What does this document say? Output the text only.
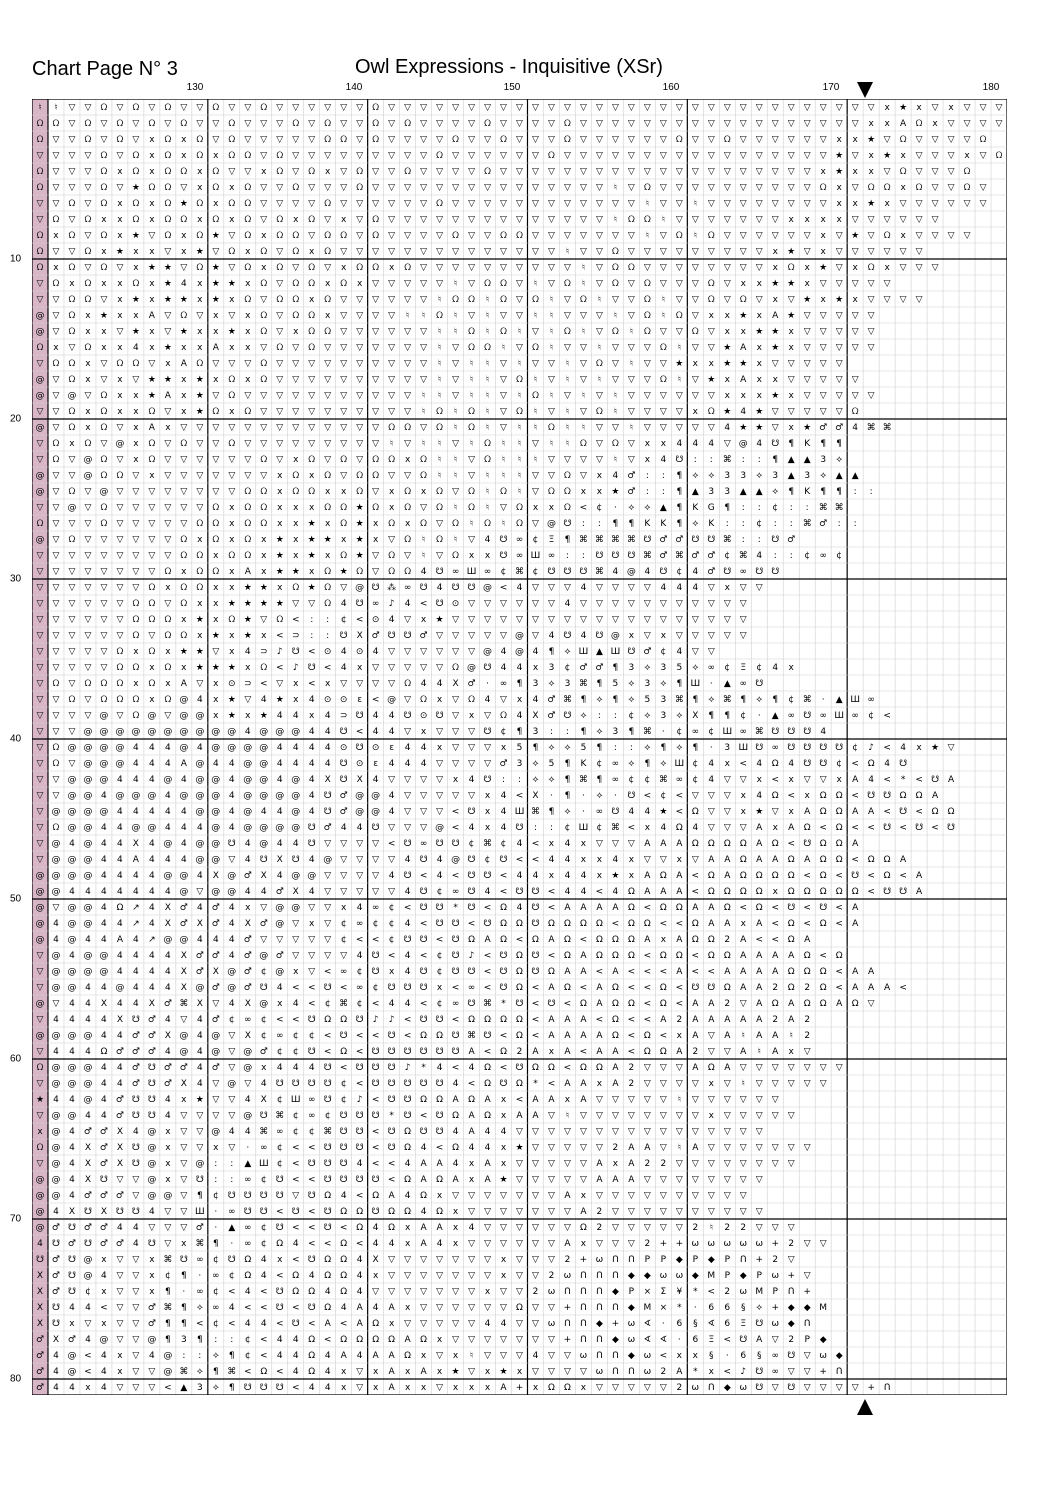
Chart Page N° 3	Owl Expressions - Inquisitive (XSr)
130	140	150	160	170	180
10
20
30
40
50
60
70
80
♮ ♮ ▽ ▽ ᘯ ▽ ᘯ ▽ ᘯ ▽ ▽ ᘯ ▽ ▽ ᘯ ▽ ▽ ▽ ▽ ▽ ▽ ᘯ ▽ ▽ ▽ ▽ ▽ ▽ ▽ ▽ ▽ ▽ ▽ ▽ ▽ ▽ ▽ ▽ ▽ ▽ ▽ ▽ ▽ ▽ ▽ ▽ ▽ ▽ ▽ ▽ ▽ ▽ ▽ x ★ x ▽ x ▽ ▽ ▽
ᘯ ᘯ ▽ ᘯ ▽ ᘯ ▽ ᘯ ▽ ᘯ ▽ ▽ ᘯ ▽ ▽ ▽ ᘯ ▽ ᘯ ▽ ▽ ᘯ ▽ ᘯ ▽ ▽ ▽ ▽ ᘯ ▽ ▽ ▽ ▽ ᘯ ▽ ▽ ▽ ▽ ▽ ▽ ▽ ▽ ▽ ▽ ▽ ▽ ▽ ▽ ▽ ▽ ▽ ▽ x x A ᘯ x ▽ ▽ ▽ ▽
ᘯ ▽ ▽ ᘯ ▽ ᘯ ▽ x ᘯ x ᘯ ▽ ᘯ ▽ ▽ ▽ ▽ ▽ ᘯ ᘯ ▽ ᘯ ▽ ▽ ▽ ▽ ᘯ ▽ ▽ ᘯ ▽ ▽ ▽ ᘯ ▽ ▽ ▽ ▽ ▽ ▽ ᘯ ▽ ▽ ᘯ ▽ ▽ ▽ ▽ ▽ ▽ x x ★ ▽ ᘯ ▽ ▽ ▽ ▽ ᘯ
▽ ▽ ▽ ▽ ᘯ ▽ ᘯ x ᘯ x ᘯ x ᘯ ᘯ ▽ ᘯ ▽ ▽ ▽ ▽ ▽ ▽ ▽ ▽ ▽ ᘯ ▽ ▽ ▽ ▽ ▽ ▽ ᘯ ▽ ▽ ▽ ▽ ▽ ▽ ▽ ▽ ▽ ▽ ▽ ▽ ▽ ▽ ▽ ▽ ▽ ★ ▽ x ★ x ▽ ▽ ▽ x ▽ ᘯ
ᘯ ▽ ▽ ▽ ᘯ x ᘯ x ᘯ ᘯ x ᘯ ▽ ▽ x ᘯ ▽ ᘯ x ▽ ᘯ ▽ ▽ ᘯ ▽ ▽ ▽ ▽ ᘯ ▽ ▽ ▽ ▽ ▽ ▽ ▽ ▽ ▽ ▽ ▽ ▽ ▽ ▽ ▽ ▽ ▽ ▽ ▽ ▽ x ★ x x ▽ ᘯ ▽ ▽ ▽ ᘯ
ᘯ ▽ ▽ ▽ ᘯ ▽ ★ ᘯ ᘯ ▽ x ᘯ x ᘯ ▽ ▽ ᘯ ▽ ▽ ▽ ᘯ ▽ ▽ ▽ ▽ ▽ ▽ ▽ ▽ ▽ ▽ ▽ ▽ ▽ ▽ ▽ ♮ ▽ ᘯ ▽ ▽ ▽ ▽ ▽ ▽ ▽ ▽ ▽ ▽ ᘯ x ▽ ᘯ ᘯ x ᘯ ▽ ▽ ᘯ ▽
▽ ▽ ᘯ ▽ ᘯ x ᘯ x ᘯ ★ ᘯ x ᘯ ᘯ ▽ ▽ ▽ ▽ ᘯ ▽ ▽ ▽ ▽ ▽ ▽ ᘯ ▽ ▽ ▽ ▽ ▽ ▽ ▽ ▽ ▽ ▽ ▽ ▽ ♮ ▽ ▽ ♮ ▽ ▽ ▽ ▽ ▽ ▽ ▽ ▽ x x ★ x ▽ ▽ ▽ ▽ ▽ ▽
▽ ᘯ ▽ ᘯ x x ᘯ x ᘯ ᘯ x ᘯ x ᘯ ▽ ᘯ x ᘯ ▽ x ▽ ᘯ ▽ ▽ ▽ ▽ ▽ ▽ ▽ ▽ ▽ ▽ ▽ ▽ ▽ ▽ ♮ ᘯ ᘯ ♮ ▽ ▽ ▽ ▽ ▽ ▽ ▽ x x x x ▽ ▽ ▽ ▽ ▽ ▽
ᘯ x ᘯ ▽ ᘯ x ★ ▽ ᘯ x ᘯ ★ ▽ ᘯ x ᘯ ᘯ ▽ ᘯ ᘯ ▽ ᘯ ▽ ▽ ▽ ▽ ᘯ ▽ ▽ ᘯ ᘯ ▽ ▽ ▽ ▽ ▽ ▽ ▽ ♮ ▽ ᘯ ♮ ᘯ ▽ ▽ ▽ ▽ ▽ ▽ x ▽ ★ ▽ ᘯ x ▽ ▽ ▽ ▽
ᘯ ▽ ▽ ᘯ x ★ x x ▽ x ★ ▽ ᘯ x ᘯ ▽ ᘯ x ᘯ ▽ ▽ ▽ ▽ ▽ ▽ ▽ ▽ ▽ ▽ ▽ ▽ ▽ ▽ ♮ ▽ ▽ ᘯ ▽ ▽ ▽ ▽ ▽ ▽ ▽ ▽ ▽ x ★ ▽ x ▽ ▽ ▽ ▽ ▽ ▽
ᘯ x ᘯ ▽ ᘯ ▽ x ★ ★ ▽ ᘯ ★ ▽ ᘯ x ᘯ ▽ ᘯ ▽ x ᘯ ᘯ x ᘯ ▽ ▽ ▽ ▽ ▽ ▽ ▽ ▽ ▽ ▽ ♮ ▽ ᘯ ᘯ ▽ ▽ ▽ ▽ ▽ ▽ ▽ ▽ x ᘯ x ★ ▽ x ᘯ x ▽ ▽ ▽
▽ ᘯ x ᘯ x x ᘯ x ★ 4 x ★ ★ x ᘯ ▽ ᘯ ᘯ x ᘯ x ▽ ▽ ▽ ▽ ▽ ♮ ▽ ᘯ ᘯ ▽ ♮ ▽ ᘯ ♮ ▽ ᘯ ▽ ᘯ ▽ ▽ ▽ ᘯ ▽ x x ★ ★ x ▽ ▽ ▽ ▽ ▽
▽ ▽ ᘯ ᘯ ▽ x ★ x ★ ★ x ★ x ᘯ ▽ ᘯ ᘯ x ᘯ ▽ ▽ ▽ ▽ ▽ ▽ ♮ ᘯ ᘯ ♮ ᘯ ▽ ᘯ ♮ ▽ ᘯ ♮ ▽ ▽ ᘯ ♮ ▽ ▽ ᘯ ▽ ᘯ ▽ x ▽ ★ x ★ x ▽ ▽ ▽ ▽
@ ▽ ᘯ x ★ x x A ▽ ᘯ ▽ x ▽ x ᘯ ▽ ᘯ ᘯ x ▽ ▽ ▽ ▽ ♮ ♮ ᘯ ♮ ▽ ♮ ▽ ▽ ♮ ♮ ▽ ▽ ▽ ♮ ▽ ᘯ ♮ ᘯ ▽ x x ★ x A ★ ▽ ▽ ▽ ▽ ▽
@ ▽ ᘯ x x ▽ ★ x ▽ ★ x x ★ x ᘯ ▽ x ᘯ ᘯ ▽ ▽ ▽ ▽ ▽ ▽ ♮ ♮ ᘯ ♮ ᘯ ♮ ▽ ♮ ᘯ ♮ ▽ ᘯ ♮ ᘯ ▽ ▽ ᘯ ▽ x x ★ ★ x ▽ ▽ ▽ ▽ ▽
ᘯ x ▽ ᘯ x x 4 x ★ x x A x x ▽ ᘯ ▽ ᘯ ▽ ▽ ▽ ▽ ▽ ▽ ▽ ♮ ▽ ᘯ ᘯ ♮ ▽ ᘯ ♮ ▽ ▽ ♮ ▽ ▽ ▽ ᘯ ♮ ▽ ▽ ★ A x ★ x ▽ ▽ ▽ ▽ ▽
▽ ᘯ ᘯ x ▽ ᘯ ᘯ ▽ x A ᘯ ▽ ▽ ▽ ᘯ ▽ ▽ ▽ ▽ ▽ ▽ ▽ ▽ ▽ ▽ ♮ ▽ ♮ ♮ ▽ ♮ ▽ ▽ ♮ ▽ ᘯ ▽ ♮ ▽ ▽ ★ x x ★ ★ x ▽ ▽ ▽ ▽ ▽
@ ▽ ᘯ x ▽ x ▽ ★ ★ x ★ x ᘯ x ᘯ ▽ ▽ ▽ ▽ ▽ ▽ ▽ ▽ ▽ ▽ ♮ ▽ ♮ ♮ ▽ ᘯ ♮ ▽ ♮ ▽ ♮ ▽ ▽ ▽ ᘯ ♮ ▽ ★ x A x x ▽ ▽ ▽ ▽ ▽
@ ▽ @ ▽ ᘯ x x ★ A x ★ ▽ ᘯ ▽ ▽ ▽ ▽ ▽ ▽ ▽ ▽ ▽ ▽ ▽ ♮ ♮ ▽ ♮ ♮ ▽ ♮ ᘯ ♮ ▽ ♮ ▽ ♮ ▽ ▽ ▽ ▽ ▽ ▽ x x x ★ x ▽ ▽ ▽ ▽ ▽
▽ ▽ ᘯ x ᘯ x x ᘯ ▽ x ★ ᘯ x ᘯ ▽ ▽ ▽ ▽ ▽ ▽ ▽ ▽ ▽ ▽ ♮ ᘯ ♮ ᘯ ♮ ▽ ᘯ ♮ ▽ ♮ ▽ ᘯ ♮ ▽ ▽ ▽ ▽ x ᘯ ★ 4 ★ ▽ ▽ ▽ ▽ ▽ ᘯ
@ ▽ ᘯ x ᘯ ▽ x A x ▽ ▽ ▽ ▽ ▽ ▽ ▽ ▽ ▽ ▽ ▽ ▽ ▽ ᘯ ᘯ ▽ ᘯ ♮ ᘯ ♮ ▽ ♮ ♮ ᘯ ♮ ♮ ▽ ▽ ♮ ▽ ▽ ▽ ▽ ▽ 4 ★ ★ ▽ x ★ ♂ ♂ 4 ⌘ ⌘
▽ ᘯ x ᘯ ▽ @ x ᘯ ▽ ᘯ ▽ ▽ ᘯ ▽ ▽ ▽ ▽ ▽ ▽ ▽ ▽ ▽ ♮ ▽ ♮ ♮ ▽ ♮ ᘯ ♮ ♮ ▽ ♮ ♮ ᘯ ▽ ᘯ ▽ x x 4 4 4 ▽ @ 4 ☋ ¶ K ¶ ¶
▽ ᘯ ▽ @ ᘯ ▽ x ᘯ ▽ ▽ ▽ ▽ ▽ ▽ ᘯ ▽ x ᘯ ▽ ᘯ ▽ ᘯ ᘯ x ᘯ ♮ ♮ ▽ ᘯ ♮ ♮ ♮ ▽ ▽ ▽ ▽ ♮ ▽ x 4 ☋ : : ⌘ : : ¶ ▲ ▲ 3 ⟡
@ ▽ ▽ @ ᘯ ᘯ ▽ x ▽ ▽ ▽ ▽ ▽ ▽ ▽ x ᘯ x ᘯ ▽ ᘯ ᘯ ▽ ▽ ᘯ ♮ ♮ ▽ ♮ ♮ ♮ ▽ ▽ ᘯ ▽ x 4 ♂ : : ¶ ⟡ ⟡ 3 3 ⟡ 3 ▲ 3 ⟡ ▲ ▲
@ ▽ ᘯ ▽ @ ▽ ▽ ▽ ▽ ▽ ▽ ▽ ▽ ᘯ ᘯ x ᘯ ᘯ x x ᘯ ▽ x ᘯ x ᘯ ▽ ᘯ ♮ ᘯ ♮ ▽ ᘯ ᘯ x x ★ ♂ : : ¶ ▲ 3 3 ▲ ▲ ⟡ ¶ K ¶ ¶ : :
▽ ▽ @ ▽ ᘯ ▽ ▽ ▽ ▽ ▽ ▽ ᘯ x ᘯ ᘯ x x x ᘯ ᘯ ★ ᘯ x ᘯ ▽ ᘯ ♮ ᘯ ♮ ▽ ᘯ x x ᘯ < ¢ · ⟡ ⟡ ▲ ¶ K G ¶ : : ¢ : : ⌘ ⌘
ᘯ ▽ ▽ ▽ ᘯ ▽ ▽ ▽ ▽ ▽ ᘯ ᘯ x ᘯ ᘯ x x ★ x ᘯ ★ x ᘯ x ᘯ ▽ ᘯ ♮ ᘯ ♮ ᘯ ▽ @ ☋ : : ¶ ¶ K K ¶ ⟡ K : : ¢ : : ⌘ ♂ : :
@ ▽ ᘯ ▽ ▽ ▽ ▽ ▽ ▽ ᘯ x ᘯ x ᘯ x ★ x ★ ★ x ★ x ▽ ᘯ ♮ ᘯ ♮ ▽ 4 ☋ ∞ ¢ Ξ ¶ ⌘ ⌘ ⌘ ⌘ ☋ ♂ ♂ ☋ ☋ ⌘ : : ☋ ♂
▽ ▽ ▽ ▽ ▽ ▽ ▽ ▽ ▽ ᘯ ᘯ x ᘯ ᘯ x ★ x ★ x ᘯ ★ ▽ ᘯ ▽ ♮ ▽ ᘯ x x ☋ ∞ Ш ∞ : : ☋ ☋ ☋ ⌘ ♂ ⌘ ♂ ♂ ¢ ⌘ 4 : : ¢ ∞ ¢
▽ ▽ ▽ ▽ ▽ ▽ ▽ ▽ ᘯ x ᘯ ᘯ x A x ★ ★ x ᘯ ★ ᘯ ▽ ᘯ ᘯ 4 ☋ ∞ Ш ∞ ¢ ⌘ ¢ ☋ ☋ ☋ ⌘ 4 @ 4 ☋ ¢ 4 ♂ ☋ ∞ ☋ ☋
▽ ▽ ▽ ▽ ▽ ▽ ▽ ᘯ x ᘯ ᘯ x x ★ ★ x ᘯ ★ ᘯ ▽ @ ☋ ⁂ ∞ ☋ 4 ☋ ☋ @ < 4 ▽ ▽ ▽ 4 ▽ ▽ ▽ ▽ 4 4 4 ▽ x ▽ ▽
▽ ▽ ▽ ▽ ▽ ▽ ᘯ ᘯ ▽ ᘯ x x ★ ★ ★ ★ ▽ ▽ ᘯ 4 ☋ ∞ ♪ 4 < ☋ ⊙ ▽ ▽ ▽ ▽ ▽ ▽ 4 ▽ ▽ ▽ ▽ ▽ ▽ ▽ ▽ ▽ ▽ ▽
▽ ▽ ▽ ▽ ▽ ▽ ᘯ ᘯ ᘯ x ★ x ᘯ ★ ▽ ᘯ < : : ¢ < ⊙ 4 ▽ x ★ ▽ ▽ ▽ ▽ ▽ ▽ ▽ ▽ ▽ ▽ ▽ ▽ ▽ ▽ ▽ ▽ ▽ ▽ ▽
▽ ▽ ▽ ▽ ▽ ▽ ᘯ ▽ ᘯ ᘯ x ★ x ★ x < ⊃ : : ☋ X ♂ ☋ ☋ ♂ ▽ ▽ ▽ ▽ ▽ @ ▽ 4 ☋ 4 ☋ @ x ▽ x ▽ ▽ ▽ ▽ ▽
▽ ▽ ▽ ▽ ▽ ᘯ x ᘯ x ★ ★ ▽ x 4 ⊃ ♪ ☋ < ⊙ 4 ⊙ 4 ▽ ▽ ▽ ▽ ▽ ▽ @ 4 @ 4 ¶ ⟡ Ш ▲ Ш ☋ ♂ ¢ 4 ▽ ▽
▽ ▽ ▽ ▽ ▽ ᘯ ᘯ x ᘯ x ★ ★ ★ x ᘯ < ♪ ☋ < 4 x ▽ ▽ ▽ ▽ ▽ ᘯ @ ☋ 4 4 x 3 ¢ ♂ ♂ ¶ 3 ⟡ 3 5 ⟡ ∞ ¢ Ξ ¢ 4 x
▽ ᘯ ▽ ᘯ ᘯ ᘯ x ᘯ x A ▽ x ⊙ ⊃ < ▽ x < x ▽ ▽ ▽ ▽ ᘯ 4 4 X ♂ · ∞ ¶ 3 ⟡ 3 ⌘ ¶ 5 ⟡ 3 ⟡ ¶ Ш · ▲ ∞ ☋
▽ ▽ ᘯ ▽ ᘯ ᘯ ᘯ x ᘯ @ 4 x ★ ▽ 4 ★ x 4 ⊙ ⊙ ε < @ ▽ ᘯ x ▽ ᘯ 4 ▽ x 4 ♂ ⌘ ¶ ⟡ ¶ ⟡ 5 3 ⌘ ¶ ⟡ ⌘ ¶ ⟡ ¶ ¢ ⌘ · ▲ Ш ∞
▽ ▽ ▽ ▽ @ ▽ ᘯ @ ▽ @ @ x ★ x ★ 4 4 x 4 ⊃ ☋ 4 4 ☋ ⊙ ☋ ▽ x ▽ ᘯ 4 X ♂ ☋ ⟡ : : ¢ ⟡ 3 ⟡ X ¶ ¶ ¢ · ▲ ∞ ☋ ∞ Ш ∞ ¢ <
▽ ▽ ▽ @ @ @ @ @ @ @ @ @ @ 4 @ @ @ 4 4 ☋ < 4 4 ▽ x ▽ ▽ ▽ ☋ ¢ ¶ 3 : : ¶ ⟡ 3 ¶ ⌘ · ¢ ∞ ¢ Ш ∞ ⌘ ☋ ☋ ☋ 4
▽ ᘯ @ @ @ @ 4 4 4 @ 4 @ @ @ @ 4 4 4 4 ⊙ ☋ ⊙ ε 4 4 x ▽ ▽ ▽ x 5 ¶ ⟡ ⟡ 5 ¶ : : ⟡ ¶ ⟡ ¶ · 3 Ш ☋ ∞ ☋ ☋ ☋ ☋ ¢ ♪ < 4 x ★ ▽
▽ ᘯ ▽ @ @ @ 4 4 4 A @ 4 4 @ @ 4 4 4 4 ☋ ⊙ ε 4 4 4 ▽ ▽ ▽ ▽ ♂ 3 ⟡ 5 ¶ K ¢ ∞ ⟡ ¶ ⟡ Ш ¢ 4 x < 4 Ω 4 ☋ ☋ ¢ < Ω 4 ☋
▽ ▽ @ @ @ 4 4 4 @ 4 @ @ 4 @ @ 4 @ 4 X ☋ X 4 ▽ ▽ ▽ ▽ x 4 ☋ : : ⟡ ⟡ ¶ ⌘ ¶ ∞ ¢ ¢ ⌘ ∞ ¢ 4 ▽ ▽ x < x ▽ ▽ x A 4 < * < ☋ A
▽ ▽ @ @ 4 @ @ @ 4 @ @ @ 4 @ @ @ @ 4 ☋ ♂ @ @ 4 ▽ ▽ ▽ ▽ ▽ x 4 < X · ¶ · ⟡ · ☋ < ¢ < ▽ ▽ ▽ x 4 Ω < x Ω Ω < ☋ ☋ Ω Ω A
▽ @ @ @ @ 4 4 4 4 4 @ @ 4 @ 4 4 @ 4 ☋ ♂ @ @ 4 ▽ ▽ ▽ < ☋ x 4 Ш ⌘ ¶ ⟡ · ∞ ☋ 4 4 ★ < Ω ▽ ▽ x ★ ▽ x A Ω Ω A A < ☋ < Ω Ω
▽ ᘯ @ @ 4 4 @ @ 4 4 4 @ 4 @ @ @ @ ☋ ♂ 4 4 ☋ ▽ ▽ ▽ @ < 4 x 4 ☋ : : ¢ Ш ¢ ⌘ < x 4 Ω 4 ▽ ▽ ▽ A x A Ω < Ω < < ☋ < ☋ < ☋
▽ @ 4 @ 4 4 X 4 @ 4 @ @ ☋ 4 @ 4 4 ☋ ▽ ▽ ▽ ▽ < ☋ ∞ ☋ ☋ ¢ ⌘ ¢ 4 < x 4 x ▽ ▽ ▽ A A A Ω Ω Ω Ω A Ω < ☋ Ω Ω A
▽ @ @ @ 4 4 A 4 4 4 @ @ ▽ 4 ☋ X ☋ 4 @ ▽ ▽ ▽ ▽ 4 ☋ 4 @ ☋ ¢ ☋ < < 4 4 x x 4 x ▽ ▽ x ▽ A A Ω A A Ω A Ω Ω < Ω Ω A
@ @ @ @ 4 4 4 4 @ @ 4 X @ ♂ X 4 @ @ ▽ ▽ ▽ ▽ 4 ☋ < 4 < ☋ ☋ < 4 4 x 4 4 x ★ x A Ω A < Ω A Ω Ω Ω Ω < Ω < ☋ < Ω < A
@ @ 4 4 4 4 4 4 4 @ ▽ @ @ 4 4 ♂ X 4 ▽ ▽ ▽ ▽ ▽ 4 ☋ ¢ ∞ ☋ 4 < ☋ ☋ < 4 4 < 4 Ω A A A < Ω Ω Ω Ω x Ω Ω Ω Ω Ω < ☋ ☋ A
@ ▽ @ @ 4 Ω ↗ 4 X ♂ 4 ♂ 4 x ▽ @ @ ▽ ▽ x 4 ∞ ¢ < ☋ ☋ * ☋ < Ω 4 ☋ < A A A A Ω < Ω Ω A A Ω < Ω < ☋ < ☋ < A
@ 4 @ @ 4 4 ↗ 4 X ♂ X ♂ 4 X ♂ @ ▽ x ▽ ¢ ∞ ¢ ¢ 4 < ☋ ☋ < ☋ Ω Ω ☋ Ω Ω Ω Ω < Ω Ω < < Ω A A x A < Ω < Ω < A
@ 4 @ 4 4 A 4 ↗ @ @ 4 4 4 ♂ ▽ ▽ ▽ ▽ ▽ ¢ < < ¢ ☋ ☋ < ☋ Ω A Ω < Ω A Ω < Ω Ω Ω A x A Ω Ω 2 A < < Ω A
▽ @ 4 @ @ 4 4 4 4 X ♂ ♂ 4 ♂ @ ♂ ▽ ▽ ▽ ▽ 4 ☋ < 4 < ¢ ☋ ♪ < ☋ Ω ☋ < Ω A Ω Ω Ω < Ω Ω < Ω Ω A A A A Ω < Ω
▽ @ @ @ @ 4 4 4 4 X ♂ X @ ♂ ¢ @ x ▽ < ∞ ¢ ☋ x 4 ☋ ¢ ☋ ☋ < ☋ Ω ☋ Ω A A < A < < < A < < A A A A Ω Ω Ω < A A
▽ @ @ 4 4 @ 4 4 4 X @ ♂ @ ♂ ☋ 4 < < ☋ < ∞ ¢ ☋ ☋ ☋ x < ∞ < ☋ Ω < A Ω < A Ω < < Ω < ☋ ☋ Ω A A 2 Ω 2 Ω < A A A <
@ ▽ 4 4 X 4 4 X ♂ ⌘ X ▽ 4 X @ x 4 < ¢ ⌘ ¢ < 4 4 < ¢ ∞ ☋ ⌘ * ☋ < ☋ < Ω A Ω Ω < Ω < A A 2 ▽ A Ω A Ω Ω A Ω ▽
▽ 4 4 4 4 X ☋ ♂ 4 ▽ 4 ♂ ¢ ∞ ¢ < < ☋ Ω Ω ☋ ♪ ♪ < ☋ ☋ < Ω Ω Ω Ω < A A A < Ω < < A 2 A A A A A 2 A 2
@ @ @ @ 4 4 ♂ ♂ X @ 4 @ ▽ X ¢ ∞ ¢ ¢ < ☋ < < ☋ < Ω Ω ☋ ⌘ ☋ < Ω < A A A A Ω < Ω < x A ▽ A ♮ A A ♮ 2
▽ 4 4 4 Ω ♂ ♂ ♂ 4 @ 4 @ ▽ @ ♂ ¢ ¢ ☋ < Ω < ☋ ☋ ☋ ☋ ☋ ☋ A < Ω 2 A x A < A A < Ω Ω A 2 ▽ ▽ A ♮ A x ▽
ᘯ @ @ @ 4 4 ♂ ☋ ♂ ♂ 4 ♂ ▽ @ x 4 4 4 ☋ < ☋ ☋ ☋ ♪ * 4 < 4 Ω < ☋ Ω Ω < Ω Ω A 2 ▽ ▽ ▽ A Ω A ▽ ▽ ▽ ▽ ▽ ▽ ▽
▽ @ @ @ 4 4 ♂ ☋ ♂ X 4 ▽ @ ▽ 4 ☋ ☋ ☋ ☋ ¢ < ☋ ☋ ☋ ☋ ☋ 4 < Ω ☋ Ω * < A A x A 2 ▽ ▽ ▽ ▽ x ▽ ♮ ▽ ▽ ▽ ▽ ▽
★ 4 4 @ 4 ♂ ☋ ☋ 4 x ★ ▽ ▽ 4 X ¢ Ш ∞ ☋ ¢ ♪ < ☋ ☋ Ω Ω A Ω A x < A A x A ▽ ▽ ▽ ▽ ▽ ♮ ▽ ▽ ▽ ▽ ▽ ▽
▽ @ @ 4 4 ♂ ☋ ☋ 4 ▽ ▽ ▽ ▽ @ ☋ ⌘ ¢ ∞ ¢ ☋ ☋ ☋ * ☋ < ☋ Ω A Ω x A A ▽ ♮ ▽ ▽ ▽ ▽ ▽ ▽ ▽ ▽ x ▽ ▽ ▽ ▽ ▽
x @ 4 ♂ ♂ X 4 @ x ▽ ▽ @ 4 4 ⌘ ∞ ¢ ¢ ⌘ ☋ ☋ < ☋ Ω ☋ ☋ 4 A 4 4 ▽ ▽ ▽ ▽ ▽ ▽ ▽ ▽ ▽ ▽ ▽ ▽ ▽ ▽ ▽ ▽
ᘯ @ 4 X ♂ X ☋ @ x ▽ ▽ x ▽ · ∞ ¢ < < ☋ ☋ ☋ < ☋ Ω 4 < Ω 4 4 x ★ ▽ ▽ ▽ ▽ ▽ 2 A A ▽ ♮ A ▽ ▽ ▽ ▽ ▽ ▽ ▽
▽ @ 4 X ♂ X ☋ @ x ▽ @ : : ▲ Ш ¢ < ☋ ☋ ☋ 4 < < 4 A A 4 x A x ▽ ▽ ▽ ▽ ▽ A x A 2 2 ▽ ▽ ▽ ▽ ▽ ▽ ▽ ▽
@ @ 4 X ☋ ▽ ▽ @ x ▽ ☋ : : ∞ ¢ ☋ < < ☋ ☋ ☋ ☋ < Ω A Ω A x A ★ ▽ ▽ ▽ ▽ ▽ A A A ▽ ▽ ▽ ▽ ▽ ▽ ▽ ▽
@ @ 4 ♂ ♂ ♂ ▽ @ @ ▽ ¶ ¢ ☋ ☋ ☋ ☋ ▽ ☋ Ω 4 < Ω A 4 Ω x ▽ ▽ ▽ ▽ ▽ ▽ ▽ A x ▽ ▽ ▽ ▽ ▽ ▽ ▽ ▽ ▽ ▽
@ 4 X ☋ X ☋ ☋ 4 ▽ ▽ Ш · ∞ ☋ ☋ < ☋ < ☋ Ω Ω ☋ Ω Ω 4 Ω x ▽ ▽ ▽ ▽ ▽ ▽ ▽ A 2 ▽ ▽ ▽ ▽ ▽ ▽ ▽ ▽ ▽ ▽
@ ♂ ☋ ♂ ♂ 4 4 ▽ ▽ ▽ ♂ · ▲ ∞ ¢ ☋ < < ☋ < Ω 4 Ω x A A x 4 ▽ ▽ ▽ ▽ ▽ ▽ Ω 2 ▽ ▽ ▽ ▽ ▽ 2 ♮ 2 2 ▽ ▽ ▽
4 ☋ ♂ ☋ ♂ ♂ 4 ☋ ▽ x ⌘ ¶ · ∞ ¢ Ω 4 < < Ω < 4 4 x A 4 x ▽ ▽ ▽ ▽ ▽ ▽ A x ▽ ▽ ▽ 2 + + ω ω ω ω ω + 2 ▽ ▽
☋ ♂ ☋ @ x ▽ ▽ x ⌘ ☋ ∞ ¢ ☋ Ω 4 x < ☋ Ω Ω 4 X ▽ ▽ ▽ ▽ ▽ ▽ ▽ x ▽ ▽ ▽ 2 + ω ᑎ ᑎ P P ◆ P ◆ P ᑎ + 2 ▽
X ♂ ☋ @ 4 ▽ ▽ x ¢ ¶ · ∞ ¢ Ω 4 < Ω 4 Ω Ω 4 x ▽ ▽ ▽ ▽ ▽ ▽ ▽ x ▽ ▽ 2 ω ᑎ ᑎ ᑎ ◆ ◆ ω ω ◆ M P ◆ P ω + ▽
X ♂ ☋ ¢ x ▽ ▽ x ¶ · ∞ ¢ < 4 < ☋ Ω Ω 4 Ω 4 ▽ ▽ ▽ ▽ ▽ ▽ ▽ x ▽ ▽ 2 ω ᑎ ᑎ ᑎ ◆ P ⨯ Σ ¥ * < 2 ω M P ᑎ +
X ☋ 4 4 < ▽ ▽ ♂ ⌘ ¶ ⟡ ∞ 4 < < ☋ < ☋ Ω 4 A 4 A x ▽ ▽ ▽ ▽ ▽ ▽ Ω ▽ ▽ + ᑎ ᑎ ᑎ ◆ M ⨯ * · 6 6 § ⟡ + ◆ ◆ M
X ☋ x ▽ x ▽ ▽ ♂ ¶ ¶ < ¢ < 4 4 < ☋ < A < A Ω x ▽ ▽ ▽ ▽ ▽ 4 4 ▽ ▽ ω ᑎ ᑎ ◆ + ω ∢ · 6 § ∢ 6 Ξ ☋ ω ◆ ᑎ
♂ X ♂ 4 @ ▽ ▽ @ ¶ 3 ¶ : : ¢ < 4 4 Ω < Ω Ω Ω Ω A Ω x ▽ ▽ ▽ ▽ ▽ ▽ ▽ + ᑎ ᑎ ◆ ω ∢ ∢ · 6 Ξ < ☋ A ▽ 2 P ◆
♂ 4 @ < 4 x ▽ 4 @ : : ⟡ ¶ ¢ < 4 4 Ω 4 A 4 A A Ω x ▽ x ♮ ▽ ▽ ▽ 4 ▽ ▽ ω ᑎ ᑎ ◆ ω < x x § · 6 § ∞ ☋ ▽ ω ◆
♂ 4 @ < 4 x ▽ ▽ @ ⌘ ⟡ ¶ ⌘ < Ω < 4 Ω 4 x ▽ x A x A x ★ ▽ x ★ x ▽ ▽ ▽ ▽ ω ᑎ ᑎ ω 2 A * x < ♪ ☋ ∞ ▽ ▽ + ᑎ
♂ 4 4 x 4 ▽ ▽ ▽ < ▲ 3 ⟡ ¶ ☋ ☋ ☋ < 4 4 x ▽ x A x x ▽ x x x A + x Ω Ω x ▽ ▽ ▽ ▽ ▽ 2 ω ᑎ ◆ ω ☋ ▽ ☋ ▽ ▽ ▽ ▽ + ᑎ
